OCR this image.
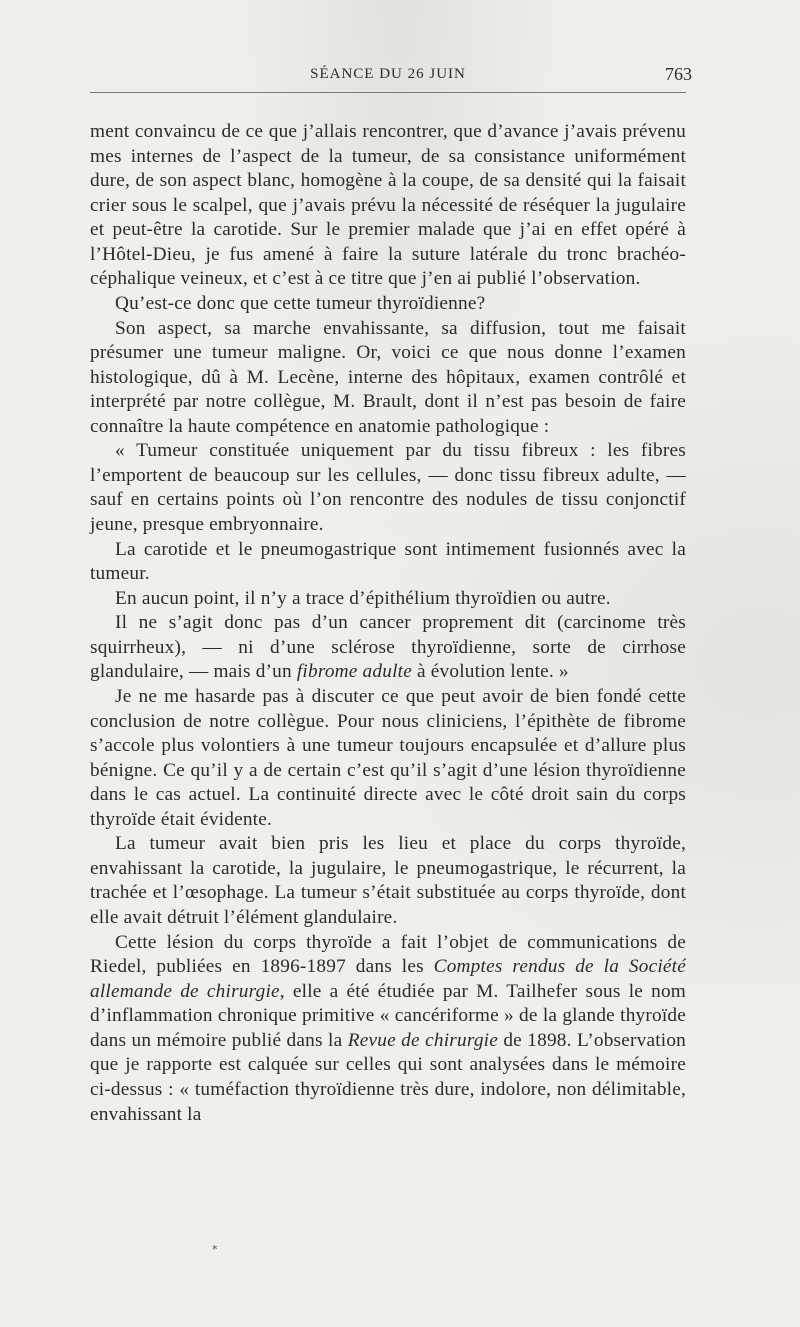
SÉANCE DU 26 JUIN	763

ment convaincu de ce que j’allais rencontrer, que d’avance j’avais prévenu mes internes de l’aspect de la tumeur, de sa consistance uniformément dure, de son aspect blanc, homogène à la coupe, de sa densité qui la faisait crier sous le scalpel, que j’avais prévu la nécessité de réséquer la jugulaire et peut-être la carotide. Sur le premier malade que j’ai en effet opéré à l’Hôtel-Dieu, je fus amené à faire la suture latérale du tronc brachéo-céphalique veineux, et c’est à ce titre que j’en ai publié l’observation.

Qu’est-ce donc que cette tumeur thyroïdienne?

Son aspect, sa marche envahissante, sa diffusion, tout me faisait présumer une tumeur maligne. Or, voici ce que nous donne l’examen histologique, dû à M. Lecène, interne des hôpitaux, examen contrôlé et interprété par notre collègue, M. Brault, dont il n’est pas besoin de faire connaître la haute compétence en anatomie pathologique :

« Tumeur constituée uniquement par du tissu fibreux : les fibres l’emportent de beaucoup sur les cellules, — donc tissu fibreux adulte, — sauf en certains points où l’on rencontre des nodules de tissu conjonctif jeune, presque embryonnaire.

La carotide et le pneumogastrique sont intimement fusionnés avec la tumeur.

En aucun point, il n’y a trace d’épithélium thyroïdien ou autre.

Il ne s’agit donc pas d’un cancer proprement dit (carcinome très squirrheux), — ni d’une sclérose thyroïdienne, sorte de cirrhose glandulaire, — mais d’un fibrome adulte à évolution lente. »

Je ne me hasarde pas à discuter ce que peut avoir de bien fondé cette conclusion de notre collègue. Pour nous cliniciens, l’épithète de fibrome s’accole plus volontiers à une tumeur toujours encapsulée et d’allure plus bénigne. Ce qu’il y a de certain c’est qu’il s’agit d’une lésion thyroïdienne dans le cas actuel. La continuité directe avec le côté droit sain du corps thyroïde était évidente.

La tumeur avait bien pris les lieu et place du corps thyroïde, envahissant la carotide, la jugulaire, le pneumogastrique, le récurrent, la trachée et l’œsophage. La tumeur s’était substituée au corps thyroïde, dont elle avait détruit l’élément glandulaire.

Cette lésion du corps thyroïde a fait l’objet de communications de Riedel, publiées en 1896-1897 dans les Comptes rendus de la Société allemande de chirurgie, elle a été étudiée par M. Tailhefer sous le nom d’inflammation chronique primitive « cancériforme » de la glande thyroïde dans un mémoire publié dans la Revue de chirurgie de 1898. L’observation que je rapporte est calquée sur celles qui sont analysées dans le mémoire ci-dessus : « tuméfaction thyroïdienne très dure, indolore, non délimitable, envahissant la

*
